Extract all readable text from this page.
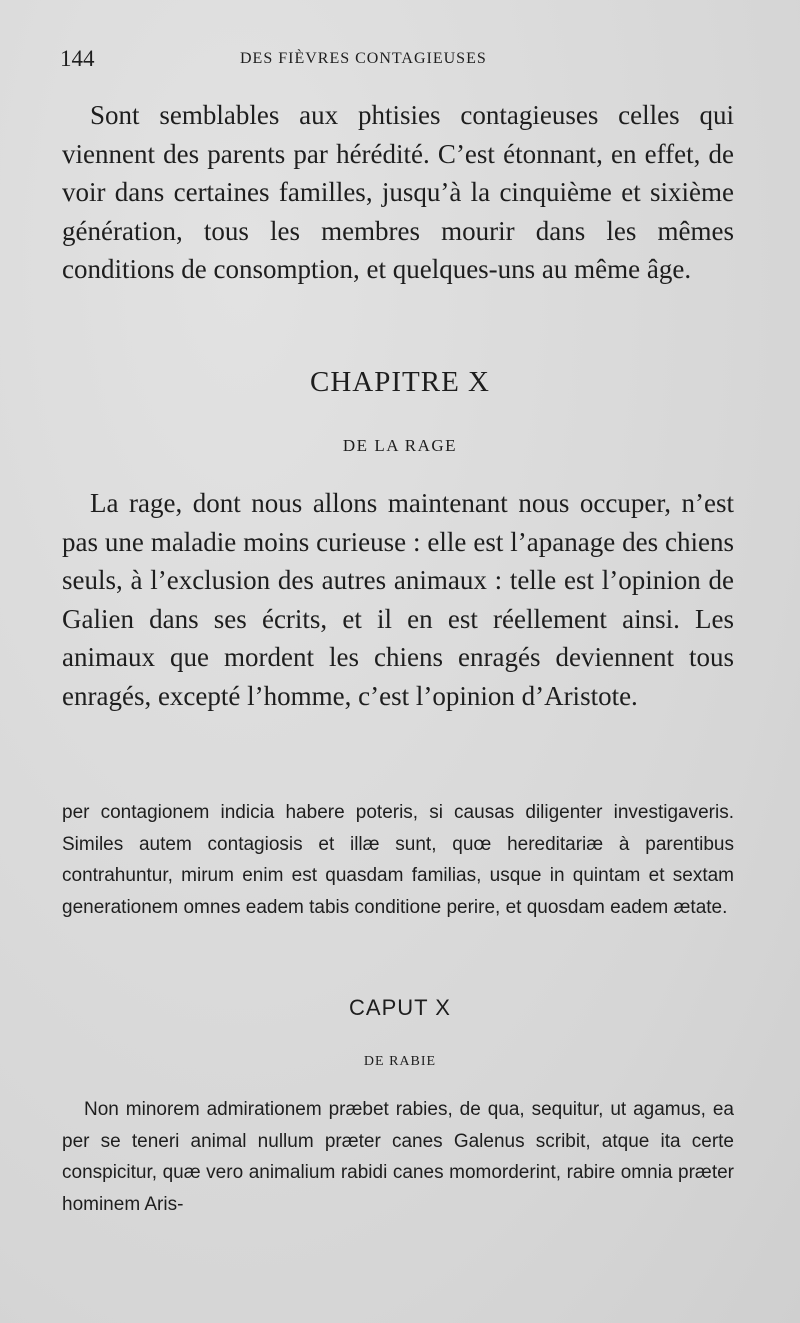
144	DES FIÈVRES CONTAGIEUSES

Sont semblables aux phtisies contagieuses celles qui viennent des parents par hérédité. C’est étonnant, en effet, de voir dans certaines familles, jusqu’à la cinquième et sixième génération, tous les membres mourir dans les mêmes conditions de consomption, et quelques-uns au même âge.

CHAPITRE X
DE LA RAGE

La rage, dont nous allons maintenant nous occuper, n’est pas une maladie moins curieuse : elle est l’apanage des chiens seuls, à l’exclusion des autres animaux : telle est l’opinion de Galien dans ses écrits, et il en est réellement ainsi. Les animaux que mordent les chiens enragés deviennent tous enragés, excepté l’homme, c’est l’opinion d’Aristote.

per contagionem indicia habere poteris, si causas diligenter investigaveris. Similes autem contagiosis et illæ sunt, quœ hereditariæ à parentibus contrahuntur, mirum enim est quasdam familias, usque in quintam et sextam generationem omnes eadem tabis conditione perire, et quosdam eadem ætate.

CAPUT X
DE RABIE

Non minorem admirationem præbet rabies, de qua, sequitur, ut agamus, ea per se teneri animal nullum præter canes Galenus scribit, atque ita certe conspicitur, quæ vero animalium rabidi canes momorderint, rabire omnia præter hominem Aris-
